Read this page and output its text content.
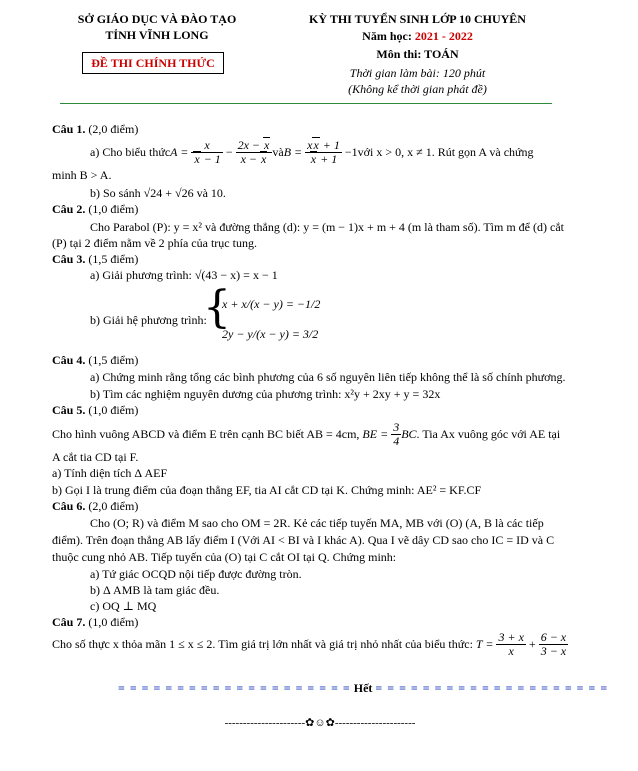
SỞ GIÁO DỤC VÀ ĐÀO TẠO
TỈNH VĨNH LONG
ĐỀ THI CHÍNH THỨC
KỲ THI TUYỂN SINH LỚP 10 CHUYÊN
Năm học: 2021 - 2022
Môn thi: TOÁN
Thời gian làm bài: 120 phút
(Không kể thời gian phát đề)
Câu 1. (2,0 điểm)
a) Cho biểu thức $A = \frac{x}{x - 1} - \frac{2x - x}{x - x}$ và $B = \frac{xx + 1}{x + 1} -1$ với x > 0, x ≠ 1. Rút gọn A và chứng
minh B > A.
b) So sánh √24 + √26 và 10.
Câu 2. (1,0 điểm)
Cho Parabol (P): y = x² và đường thẳng (d): y = (m − 1)x + m + 4 (m là tham số). Tìm m để (d) cắt
(P) tại 2 điểm nằm về 2 phía của trục tung.
Câu 3. (1,5 điểm)
a) Giải phương trình: √(43 − x) = x − 1
b) Giải hệ phương trình:
{
x + x/(x − y) = −1/2
2y − y/(x − y) = 3/2
Câu 4. (1,5 điểm)
a) Chứng minh rằng tổng các bình phương của 6 số nguyên liên tiếp không thể là số chính phương.
b) Tìm các nghiệm nguyên dương của phương trình: x²y + 2xy + y = 32x
Câu 5. (1,0 điểm)
Cho hình vuông ABCD và điểm E trên cạnh BC biết AB = 4cm, BE = $\frac{3}{4}$ BC . Tia Ax vuông góc với AE tại
A cắt tia CD tại F.
a) Tính diện tích Δ AEF
b) Gọi I là trung điểm của đoạn thẳng EF, tia AI cắt CD tại K. Chứng minh: AE² = KF.CF
Câu 6. (2,0 điểm)
Cho (O; R) và điểm M sao cho OM = 2R. Kẻ các tiếp tuyến MA, MB với (O) (A, B là các tiếp
điểm). Trên đoạn thẳng AB lấy điểm I (Với AI < BI và I khác A). Qua I vẽ dây CD sao cho IC = ID và C
thuộc cung nhỏ AB. Tiếp tuyến của (O) tại C cắt OI tại Q. Chứng minh:
a) Tứ giác OCQD nội tiếp được đường tròn.
b) Δ AMB là tam giác đều.
c) OQ ⊥ MQ
Câu 7. (1,0 điểm)
Cho số thực x thỏa mãn 1 ≤ x ≤ 2. Tìm giá trị lớn nhất và giá trị nhỏ nhất của biểu thức: $T = \frac{3 + x}{x} + \frac{6 - x}{3 - x}$
= = = = = = = = = = = = = = = = = = = = Hết = = = = = = = = = = = = = = = = = = = =
----------------------✿☺✿----------------------
